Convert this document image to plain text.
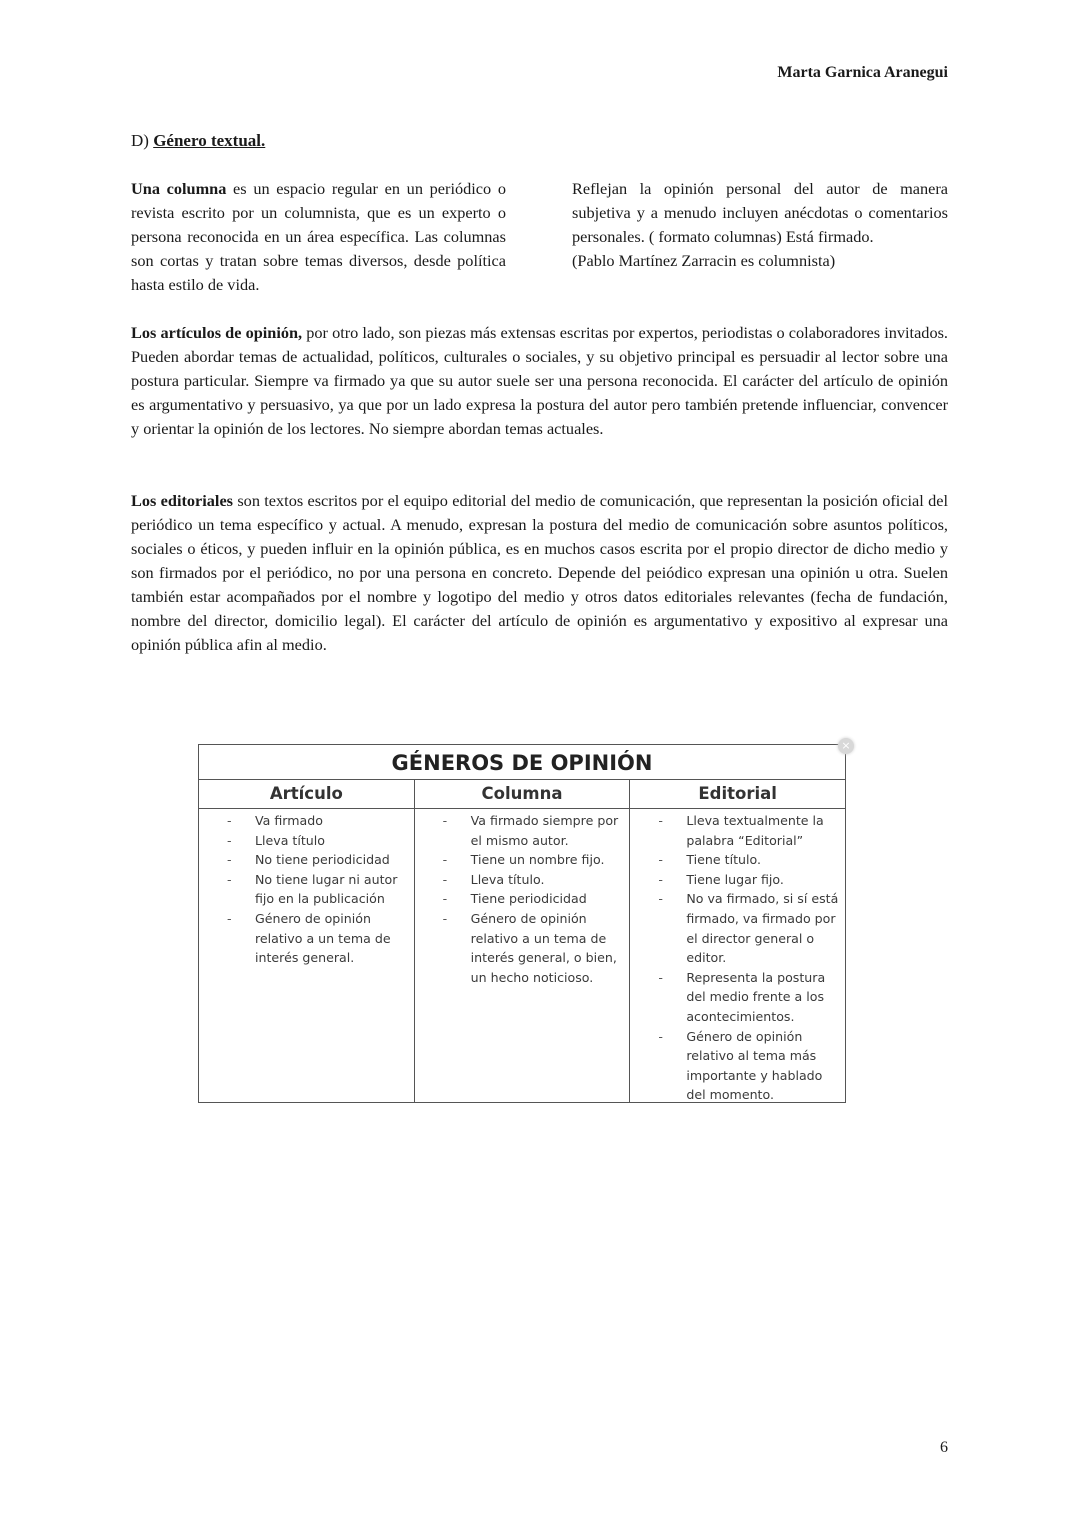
Marta Garnica Aranegui
D) Género textual.

Una columna es un espacio regular en un periódico o revista escrito por un columnista, que es un experto o persona reconocida en un área específica. Las columnas son cortas y tratan sobre temas diversos, desde política hasta estilo de vida.

Reflejan la opinión personal del autor de manera subjetiva y a menudo incluyen anécdotas o comentarios personales. ( formato columnas) Está firmado.

(Pablo Martínez Zarracin es columnista)

Los artículos de opinión, por otro lado, son piezas más extensas escritas por expertos, periodistas o colaboradores invitados. Pueden abordar temas de actualidad, políticos, culturales o sociales, y su objetivo principal es persuadir al lector sobre una postura particular. Siempre va firmado ya que su autor suele ser una persona reconocida. El carácter del artículo de opinión es argumentativo y persuasivo, ya que por un lado expresa la postura del autor pero también pretende influenciar, convencer y orientar la opinión de los lectores. No siempre abordan temas actuales.

Los editoriales son textos escritos por el equipo editorial del medio de comunicación, que representan la posición oficial del periódico un tema específico y actual. A menudo, expresan la postura del medio de comunicación sobre asuntos políticos, sociales o éticos, y pueden influir en la opinión pública, es en muchos casos escrita por el propio director de dicho medio y son firmados por el periódico, no por una persona en concreto. Depende del peiódico expresan una opinión u otra. Suelen también estar acompañados por el nombre y logotipo del medio y otros datos editoriales relevantes (fecha de fundación, nombre del director, domicilio legal). El carácter del artículo de opinión es argumentativo y expositivo al expresar una opinión pública afin al medio.

×
GÉNEROS DE OPINIÓN
Artículo	Columna	Editorial
- Va firmado
- Lleva título
- No tiene periodicidad
- No tiene lugar ni autor fijo en la publicación
- Género de opinión relativo a un tema de interés general.
- Va firmado siempre por el mismo autor.
- Tiene un nombre fijo.
- Lleva título.
- Tiene periodicidad
- Género de opinión relativo a un tema de interés general, o bien, un hecho noticioso.
- Lleva textualmente la palabra “Editorial”
- Tiene título.
- Tiene lugar fijo.
- No va firmado, si sí está firmado, va firmado por el director general o editor.
- Representa la postura del medio frente a los acontecimientos.
- Género de opinión relativo al tema más importante y hablado del momento.
6
